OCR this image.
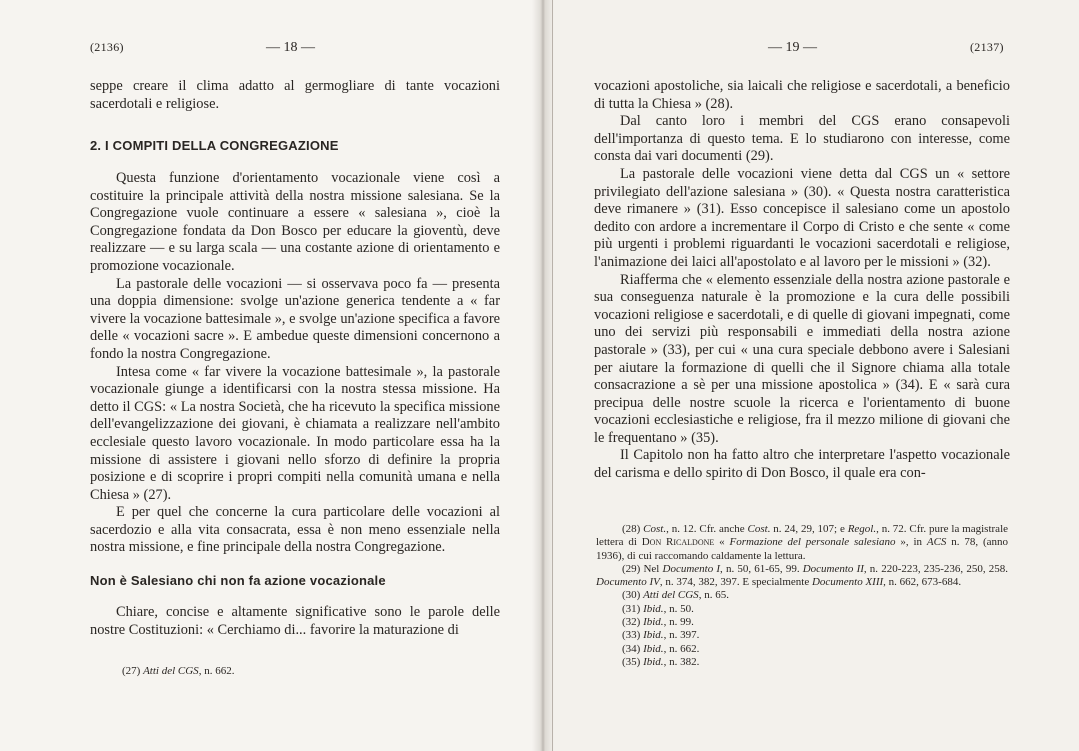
(2136)	— 18 —

seppe creare il clima adatto al germogliare di tante vocazioni sacerdotali e religiose.

2. I COMPITI DELLA CONGREGAZIONE

Questa funzione d'orientamento vocazionale viene così a costituire la principale attività della nostra missione salesiana. Se la Congregazione vuole continuare a essere « salesiana », cioè la Congregazione fondata da Don Bosco per educare la gioventù, deve realizzare — e su larga scala — una costante azione di orientamento e promozione vocazionale.

La pastorale delle vocazioni — si osservava poco fa — presenta una doppia dimensione: svolge un'azione generica tendente a « far vivere la vocazione battesimale », e svolge un'azione specifica a favore delle « vocazioni sacre ». E ambedue queste dimensioni concernono a fondo la nostra Congregazione.

Intesa come « far vivere la vocazione battesimale », la pastorale vocazionale giunge a identificarsi con la nostra stessa missione. Ha detto il CGS: « La nostra Società, che ha ricevuto la specifica missione dell'evangelizzazione dei giovani, è chiamata a realizzare nell'ambito ecclesiale questo lavoro vocazionale. In modo particolare essa ha la missione di assistere i giovani nello sforzo di definire la propria posizione e di scoprire i propri compiti nella comunità umana e nella Chiesa » (27).

E per quel che concerne la cura particolare delle vocazioni al sacerdozio e alla vita consacrata, essa è non meno essenziale nella nostra missione, e fine principale della nostra Congregazione.

Non è Salesiano chi non fa azione vocazionale

Chiare, concise e altamente significative sono le parole delle nostre Costituzioni: « Cerchiamo di... favorire la maturazione di

(27) Atti del CGS, n. 662.

— 19 —	(2137)

vocazioni apostoliche, sia laicali che religiose e sacerdotali, a beneficio di tutta la Chiesa » (28).

Dal canto loro i membri del CGS erano consapevoli dell'importanza di questo tema. E lo studiarono con interesse, come consta dai vari documenti (29).

La pastorale delle vocazioni viene detta dal CGS un « settore privilegiato dell'azione salesiana » (30). « Questa nostra caratteristica deve rimanere » (31). Esso concepisce il salesiano come un apostolo dedito con ardore a incrementare il Corpo di Cristo e che sente « come più urgenti i problemi riguardanti le vocazioni sacerdotali e religiose, l'animazione dei laici all'apostolato e al lavoro per le missioni » (32).

Riafferma che « elemento essenziale della nostra azione pastorale e sua conseguenza naturale è la promozione e la cura delle possibili vocazioni religiose e sacerdotali, e di quelle di giovani impegnati, come uno dei servizi più responsabili e immediati della nostra azione pastorale » (33), per cui « una cura speciale debbono avere i Salesiani per aiutare la formazione di quelli che il Signore chiama alla totale consacrazione a sè per una missione apostolica » (34). E « sarà cura precipua delle nostre scuole la ricerca e l'orientamento di buone vocazioni ecclesiastiche e religiose, fra il mezzo milione di giovani che le frequentano » (35).

Il Capitolo non ha fatto altro che interpretare l'aspetto vocazionale del carisma e dello spirito di Don Bosco, il quale era con-

(28) Cost., n. 12. Cfr. anche Cost. n. 24, 29, 107; e Regol., n. 72. Cfr. pure la magistrale lettera di Don Ricaldone « Formazione del personale salesiano », in ACS n. 78, (anno 1936), di cui raccomando caldamente la lettura.

(29) Nel Documento I, n. 50, 61-65, 99. Documento II, n. 220-223, 235-236, 250, 258. Documento IV, n. 374, 382, 397. E specialmente Documento XIII, n. 662, 673-684.

(30) Atti del CGS, n. 65.

(31) Ibid., n. 50.

(32) Ibid., n. 99.

(33) Ibid., n. 397.

(34) Ibid., n. 662.

(35) Ibid., n. 382.
